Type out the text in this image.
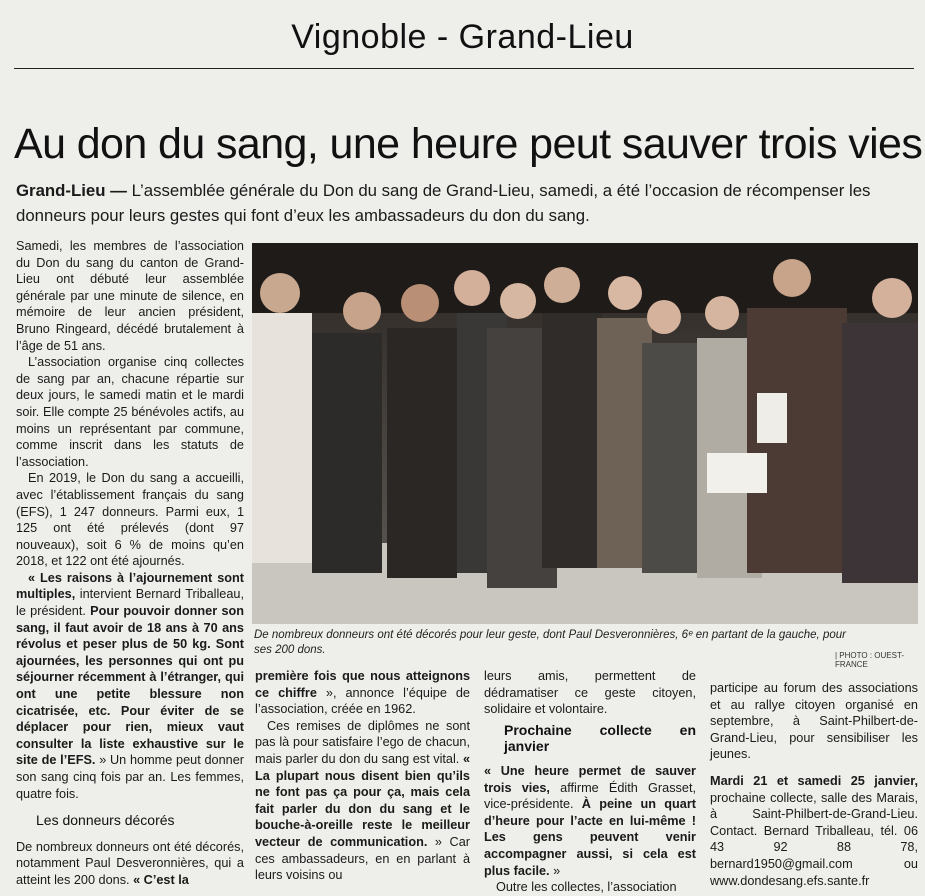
Vignoble - Grand-Lieu
Au don du sang, une heure peut sauver trois vies
Grand-Lieu — L’assemblée générale du Don du sang de Grand-Lieu, samedi, a été l’occasion de récompenser les donneurs pour leurs gestes qui font d’eux les ambassadeurs du don du sang.

Samedi, les membres de l’association du Don du sang du canton de Grand-Lieu ont débuté leur assemblée générale par une minute de silence, en mémoire de leur ancien président, Bruno Ringeard, décédé brutalement à l’âge de 51 ans.

L’association organise cinq collectes de sang par an, chacune répartie sur deux jours, le samedi matin et le mardi soir. Elle compte 25 bénévoles actifs, au moins un représentant par commune, comme inscrit dans les statuts de l’association.

En 2019, le Don du sang a accueilli, avec l’établissement français du sang (EFS), 1 247 donneurs. Parmi eux, 1 125 ont été prélevés (dont 97 nouveaux), soit 6 % de moins qu’en 2018, et 122 ont été ajournés.

« Les raisons à l’ajournement sont multiples, intervient Bernard Triballeau, le président. Pour pouvoir donner son sang, il faut avoir de 18 ans à 70 ans révolus et peser plus de 50 kg. Sont ajournées, les personnes qui ont pu séjourner récemment à l’étranger, qui ont une petite blessure non cicatrisée, etc. Pour éviter de se déplacer pour rien, mieux vaut consulter la liste exhaustive sur le site de l’EFS. » Un homme peut donner son sang cinq fois par an. Les femmes, quatre fois.

Les donneurs décorés

De nombreux donneurs ont été décorés, notamment Paul Desveronnières, qui a atteint les 200 dons. « C’est la

De nombreux donneurs ont été décorés pour leur geste, dont Paul Desveronnières, 6ᵉ en partant de la gauche, pour ses 200 dons.	| PHOTO : OUEST-FRANCE

première fois que nous atteignons ce chiffre », annonce l’équipe de l’association, créée en 1962.

Ces remises de diplômes ne sont pas là pour satisfaire l’ego de chacun, mais parler du don du sang est vital. « La plupart nous disent bien qu’ils ne font pas ça pour ça, mais cela fait parler du don du sang et le bouche-à-oreille reste le meilleur vecteur de communication. » Car ces ambassadeurs, en en parlant à leurs voisins ou

leurs amis, permettent de dédramatiser ce geste citoyen, solidaire et volontaire.

Prochaine collecte en janvier

« Une heure permet de sauver trois vies, affirme Édith Grasset, vice-présidente. À peine un quart d’heure pour l’acte en lui-même ! Les gens peuvent venir accompagner aussi, si cela est plus facile. »

Outre les collectes, l’association

participe au forum des associations et au rallye citoyen organisé en septembre, à Saint-Philbert-de-Grand-Lieu, pour sensibiliser les jeunes.

Mardi 21 et samedi 25 janvier, prochaine collecte, salle des Marais, à Saint-Philbert-de-Grand-Lieu. Contact. Bernard Triballeau, tél. 06 43 92 88 78, bernard1950@gmail.com ou www.dondesang.efs.sante.fr
